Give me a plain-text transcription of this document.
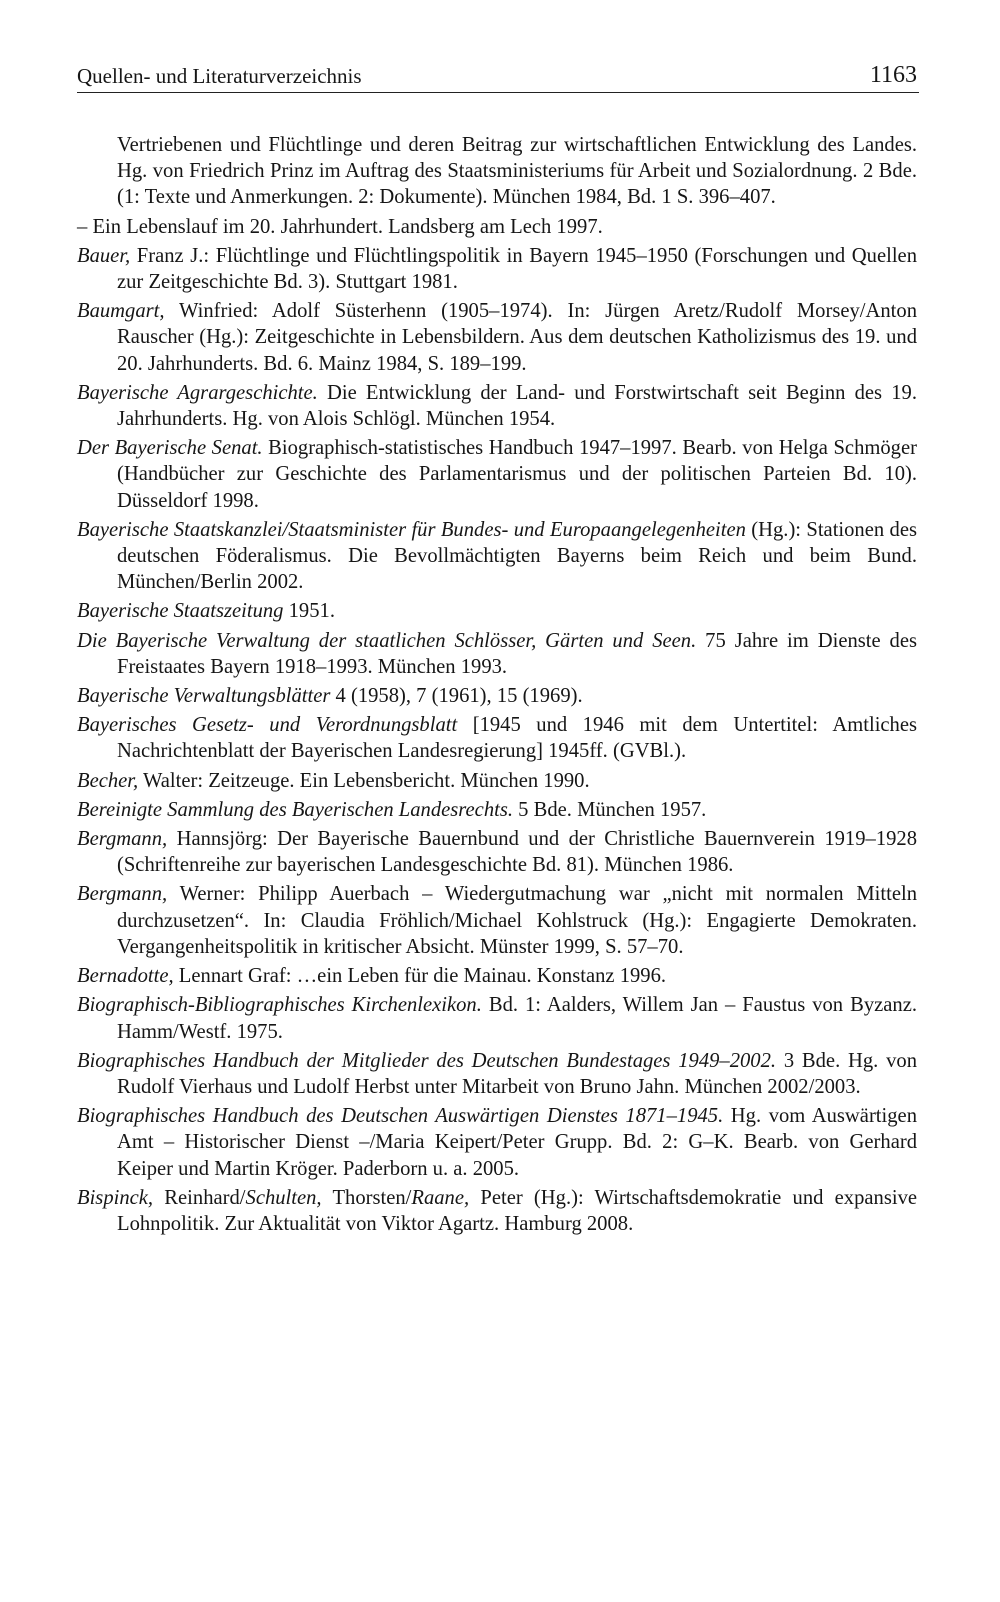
Quellen- und Literaturverzeichnis	1163

Vertriebenen und Flüchtlinge und deren Beitrag zur wirtschaftlichen Entwicklung des Landes. Hg. von Friedrich Prinz im Auftrag des Staatsministeriums für Arbeit und Sozialordnung. 2 Bde. (1: Texte und Anmerkungen. 2: Dokumente). München 1984, Bd. 1 S. 396–407.

– Ein Lebenslauf im 20. Jahrhundert. Landsberg am Lech 1997.

Bauer, Franz J.: Flüchtlinge und Flüchtlingspolitik in Bayern 1945–1950 (Forschungen und Quellen zur Zeitgeschichte Bd. 3). Stuttgart 1981.

Baumgart, Winfried: Adolf Süsterhenn (1905–1974). In: Jürgen Aretz/Rudolf Morsey/Anton Rauscher (Hg.): Zeitgeschichte in Lebensbildern. Aus dem deutschen Katholizismus des 19. und 20. Jahrhunderts. Bd. 6. Mainz 1984, S. 189–199.

Bayerische Agrargeschichte. Die Entwicklung der Land- und Forstwirtschaft seit Beginn des 19. Jahrhunderts. Hg. von Alois Schlögl. München 1954.

Der Bayerische Senat. Biographisch-statistisches Handbuch 1947–1997. Bearb. von Helga Schmöger (Handbücher zur Geschichte des Parlamentarismus und der politischen Parteien Bd. 10). Düsseldorf 1998.

Bayerische Staatskanzlei/Staatsminister für Bundes- und Europaangelegenheiten (Hg.): Stationen des deutschen Föderalismus. Die Bevollmächtigten Bayerns beim Reich und beim Bund. München/Berlin 2002.

Bayerische Staatszeitung 1951.

Die Bayerische Verwaltung der staatlichen Schlösser, Gärten und Seen. 75 Jahre im Dienste des Freistaates Bayern 1918–1993. München 1993.

Bayerische Verwaltungsblätter 4 (1958), 7 (1961), 15 (1969).

Bayerisches Gesetz- und Verordnungsblatt [1945 und 1946 mit dem Untertitel: Amtliches Nachrichtenblatt der Bayerischen Landesregierung] 1945ff. (GVBl.).

Becher, Walter: Zeitzeuge. Ein Lebensbericht. München 1990.

Bereinigte Sammlung des Bayerischen Landesrechts. 5 Bde. München 1957.

Bergmann, Hannsjörg: Der Bayerische Bauernbund und der Christliche Bauernverein 1919–1928 (Schriftenreihe zur bayerischen Landesgeschichte Bd. 81). München 1986.

Bergmann, Werner: Philipp Auerbach – Wiedergutmachung war „nicht mit normalen Mitteln durchzusetzen“. In: Claudia Fröhlich/Michael Kohlstruck (Hg.): Engagierte Demokraten. Vergangenheitspolitik in kritischer Absicht. Münster 1999, S. 57–70.

Bernadotte, Lennart Graf: …ein Leben für die Mainau. Konstanz 1996.

Biographisch-Bibliographisches Kirchenlexikon. Bd. 1: Aalders, Willem Jan – Faustus von Byzanz. Hamm/Westf. 1975.

Biographisches Handbuch der Mitglieder des Deutschen Bundestages 1949–2002. 3 Bde. Hg. von Rudolf Vierhaus und Ludolf Herbst unter Mitarbeit von Bruno Jahn. München 2002/2003.

Biographisches Handbuch des Deutschen Auswärtigen Dienstes 1871–1945. Hg. vom Auswärtigen Amt – Historischer Dienst –/Maria Keipert/Peter Grupp. Bd. 2: G–K. Bearb. von Gerhard Keiper und Martin Kröger. Paderborn u. a. 2005.

Bispinck, Reinhard/Schulten, Thorsten/Raane, Peter (Hg.): Wirtschaftsdemokratie und expansive Lohnpolitik. Zur Aktualität von Viktor Agartz. Hamburg 2008.
